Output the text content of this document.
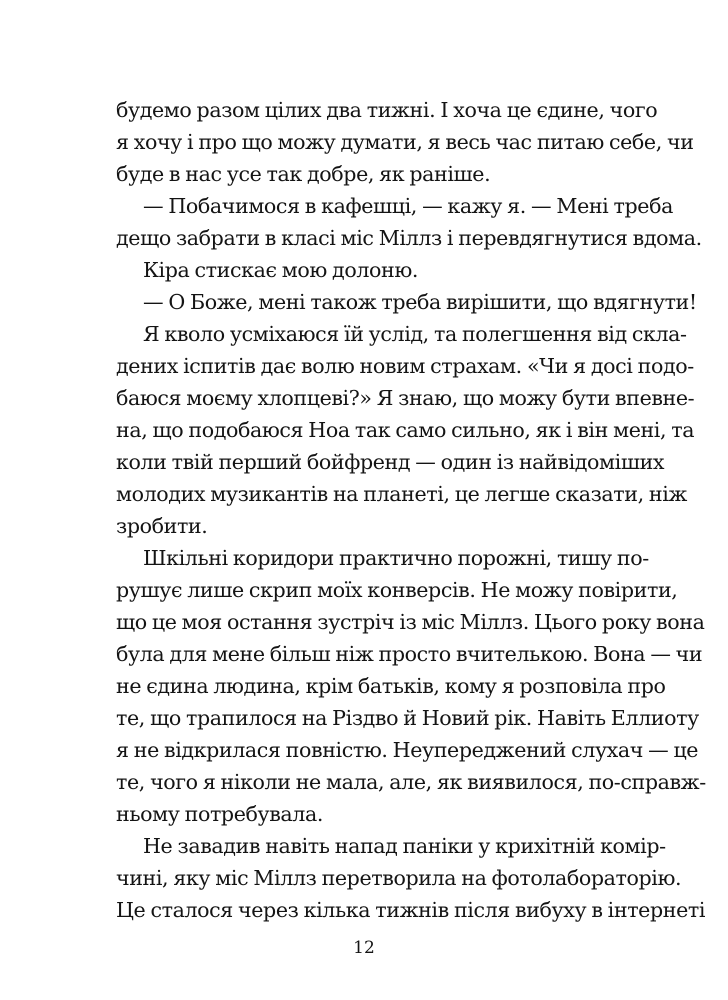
будемо разом цілих два тижні. І хоча це єдине, чого
я хочу і про що можу думати, я весь час питаю себе, чи
буде в нас усе так добре, як раніше.
— Побачимося в кафешці, — кажу я. — Мені треба
дещо забрати в класі міс Міллз і перевдягнутися вдома.
Кіра стискає мою долоню.
— О Боже, мені також треба вирішити, що вдягнути!
Я кволо усміхаюся їй услід, та полегшення від скла-
дених іспитів дає волю новим страхам. «Чи я досі подо-
баюся моєму хлопцеві?» Я знаю, що можу бути впевне-
на, що подобаюся Ноа так само сильно, як і він мені, та
коли твій перший бойфренд — один із найвідоміших
молодих музикантів на планеті, це легше сказати, ніж
зробити.
Шкільні коридори практично порожні, тишу по-
рушує лише скрип моїх конверсів. Не можу повірити,
що це моя остання зустріч із міс Міллз. Цього року вона
була для мене більш ніж просто вчителькою. Вона — чи
не єдина людина, крім батьків, кому я розповіла про
те, що трапилося на Різдво й Новий рік. Навіть Еллиоту
я не відкрилася повністю. Неупереджений слухач — це
те, чого я ніколи не мала, але, як виявилося, по-справж-
ньому потребувала.
Не завадив навіть напад паніки у крихітній комір-
чині, яку міс Міллз перетворила на фотолабораторію.
Це сталося через кілька тижнів після вибуху в інтернеті
12
